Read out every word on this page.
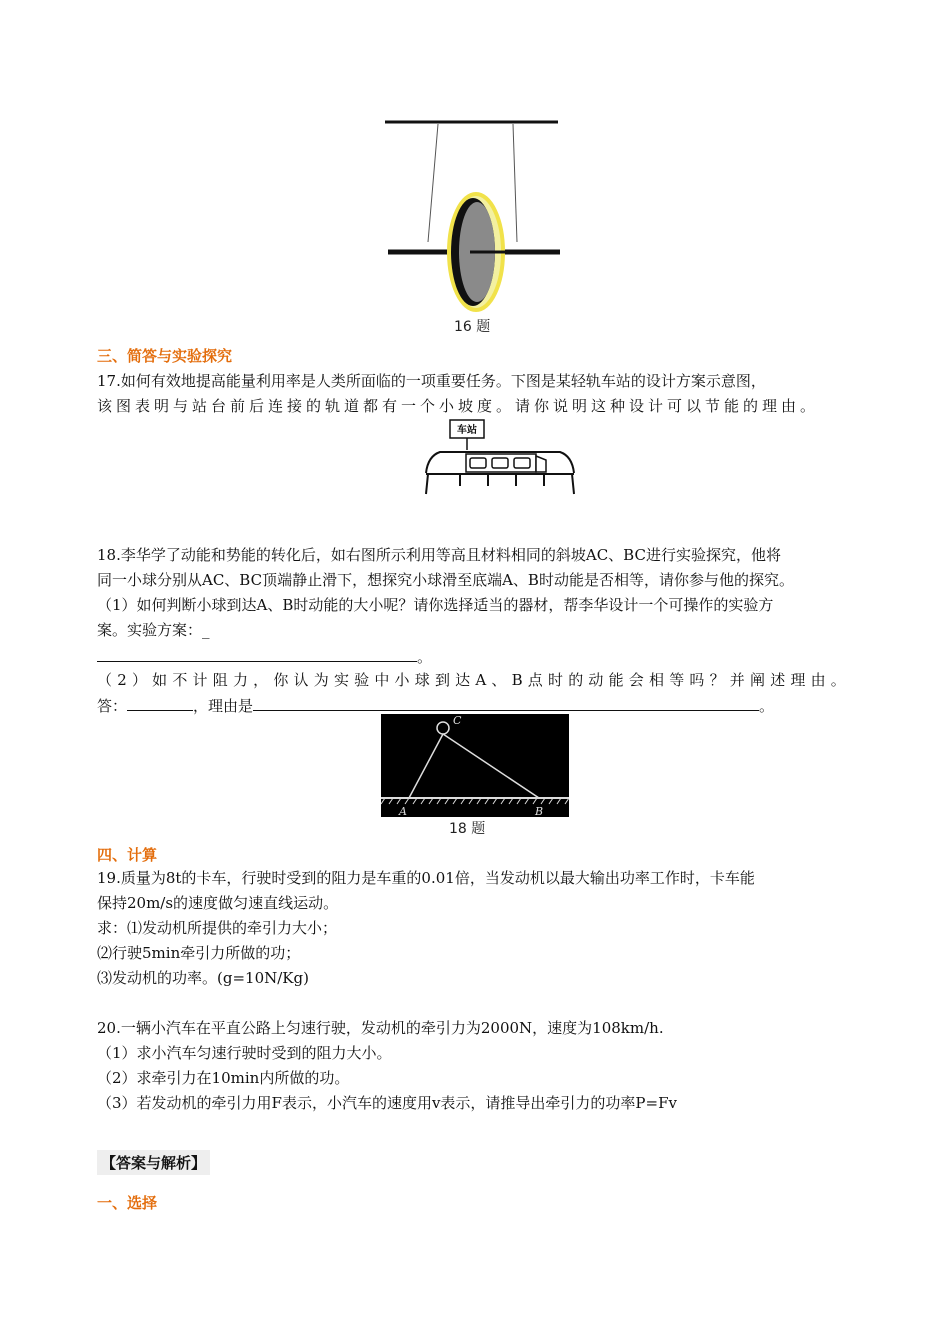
16 题
三、简答与实验探究
17.如何有效地提高能量利用率是人类所面临的一项重要任务。下图是某轻轨车站的设计方案示意图，
该图表明与站台前后连接的轨道都有一个小坡度。请你说明这种设计可以节能的理由。
车站
18.李华学了动能和势能的转化后，如右图所示利用等高且材料相同的斜坡AC、BC进行实验探究，他将
同一小球分别从AC、BC顶端静止滑下，想探究小球滑至底端A、B时动能是否相等，请你参与他的探究。
（1）如何判断小球到达A、B时动能的大小呢？请你选择适当的器材，帮李华设计一个可操作的实验方
案。实验方案：_
。
（2）如不计阻力，你认为实验中小球到达A、B点时的动能会相等吗？并阐述理由。
答：	，理由是	。
C
A	B
18 题
四、计算
19.质量为8t的卡车，行驶时受到的阻力是车重的0.01倍，当发动机以最大输出功率工作时，卡车能
保持20m/s的速度做匀速直线运动。
求：⑴发动机所提供的牵引力大小；
⑵行驶5min牵引力所做的功；
⑶发动机的功率。(g=10N/Kg)
20.一辆小汽车在平直公路上匀速行驶，发动机的牵引力为2000N，速度为108km/h.
（1）求小汽车匀速行驶时受到的阻力大小。
（2）求牵引力在10min内所做的功。
（3）若发动机的牵引力用F表示，小汽车的速度用v表示，请推导出牵引力的功率P=Fv
【答案与解析】
一、选择
